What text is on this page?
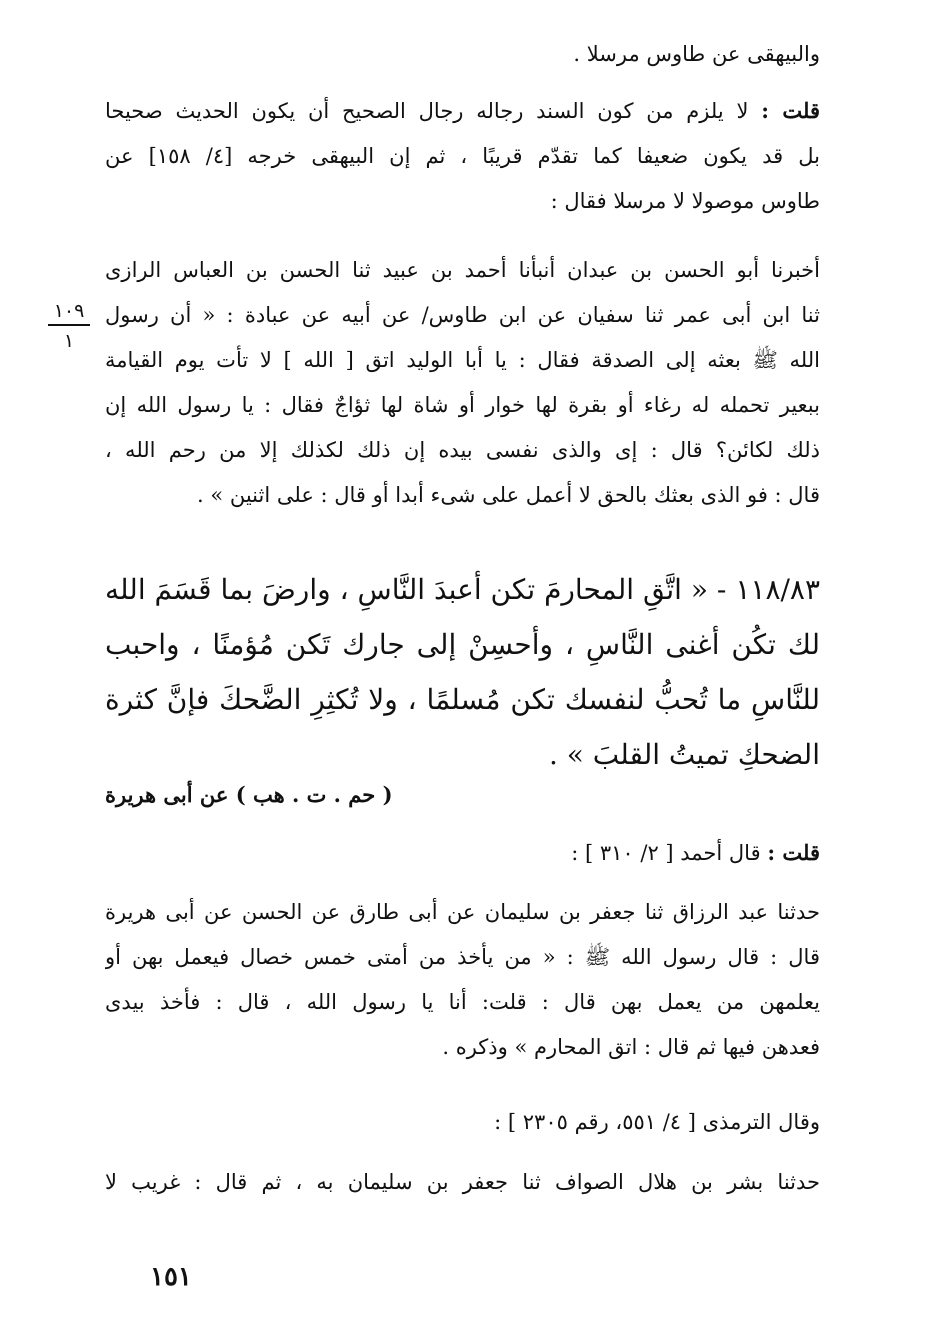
والبيهقى عن طاوس مرسلا .

قلت : لا يلزم من كون السند رجاله رجال الصحيح أن يكون الحديث صحيحا
بل قد يكون ضعيفا كما تقدّم قريبًا ، ثم إن البيهقى خرجه [٤/ ١٥٨] عن
طاوس موصولا لا مرسلا فقال :

أخبرنا أبو الحسن بن عبدان أنبأنا أحمد بن عبيد ثنا الحسن بن العباس الرازى
ثنا ابن أبى عمر ثنا سفيان عن ابن طاوس/ عن أبيه عن عبادة : « أن رسول
الله ﷺ بعثه إلى الصدقة فقال : يا أبا الوليد اتق [ الله ] لا تأت يوم القيامة
ببعير تحمله له رغاء أو بقرة لها خوار أو شاة لها ثؤاجٌ فقال : يا رسول الله إن
ذلك لكائن؟ قال : إى والذى نفسى بيده إن ذلك لكذلك إلا من رحم الله ،
قال : فو الذى بعثك بالحق لا أعمل على شىء أبدا أو قال : على اثنين » .

١٠٩
١

١١٨/٨٣ - « اتَّقِ المحارمَ تكن أعبدَ النَّاسِ ، وارضَ بما قَسَمَ الله
لك تكُن أغنى النَّاسِ ، وأحسِنْ إلى جارك تَكن مُؤمنًا ، واحبب
للنَّاسِ ما تُحبُّ لنفسك تكن مُسلمًا ، ولا تُكثِرِ الضَّحكَ فإنَّ كثرة
الضحكِ تميتُ القلبَ » .

( حم . ت . هب ) عن أبى هريرة

قلت : قال أحمد [ ٢/ ٣١٠ ] :

حدثنا عبد الرزاق ثنا جعفر بن سليمان عن أبى طارق عن الحسن عن أبى هريرة
قال : قال رسول الله ﷺ : « من يأخذ من أمتى خمس خصال فيعمل بهن أو
يعلمهن من يعمل بهن قال : قلت: أنا يا رسول الله ، قال : فأخذ بيدى
فعدهن فيها ثم قال : اتق المحارم » وذكره .

وقال الترمذى [ ٤/ ٥٥١، رقم ٢٣٠٥ ] :

حدثنا بشر بن هلال الصواف ثنا جعفر بن سليمان به ، ثم قال : غريب لا

١٥١
